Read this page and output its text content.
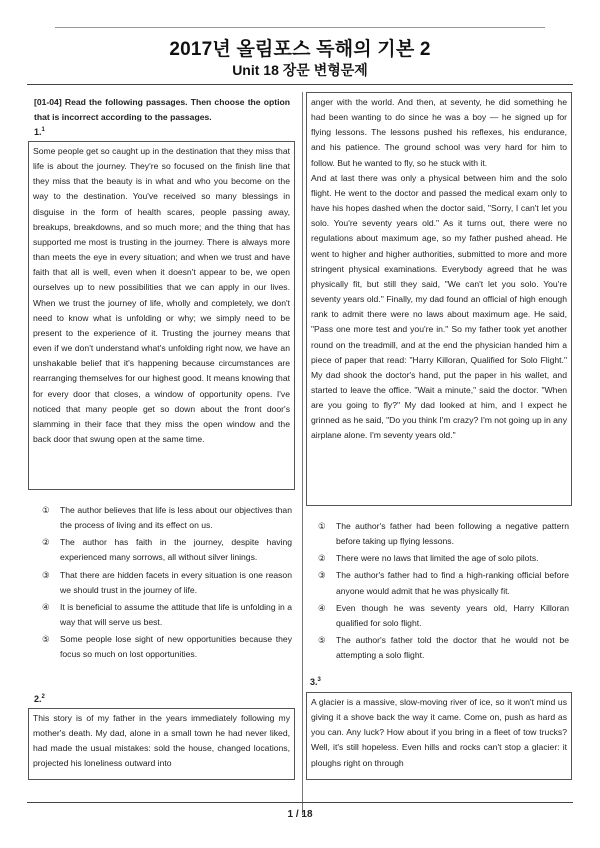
2017년 올림포스 독해의 기본 2
Unit 18 장문 변형문제
[01-04] Read the following passages. Then choose the option that is incorrect according to the passages.
1.$^1$

Some people get so caught up in the destination that they miss that life is about the journey. They're so focused on the finish line that they miss that the beauty is in what and who you become on the way to the destination. You've received so many blessings in disguise in the form of health scares, people passing away, breakups, breakdowns, and so much more; and the thing that has supported me most is trusting in the journey. There is always more than meets the eye in every situation; and when we trust and have faith that all is well, even when it doesn't appear to be, we open ourselves up to new possibilities that we can apply in our lives. When we trust the journey of life, wholly and completely, we don't need to know what is unfolding or why; we simply need to be present to the experience of it. Trusting the journey means that even if we don't understand what's unfolding right now, we have an unshakable belief that it's happening because circumstances are rearranging themselves for our highest good. It means knowing that for every door that closes, a window of opportunity opens. I've noticed that many people get so down about the front door's slamming in their face that they miss the open window and the back door that swung open at the same time.

①	The author believes that life is less about our objectives than the process of living and its effect on us.
②	The author has faith in the journey, despite having experienced many sorrows, all without silver linings.
③	That there are hidden facets in every situation is one reason we should trust in the journey of life.
④	It is beneficial to assume the attitude that life is unfolding in a way that will serve us best.
⑤	Some people lose sight of new opportunities because they focus so much on lost opportunities.
2.$^2$

This story is of my father in the years immediately following my mother's death. My dad, alone in a small town he had never liked, had made the usual mistakes: sold the house, changed locations, projected his loneliness outward into

anger with the world. And then, at seventy, he did something he had been wanting to do since he was a boy — he signed up for flying lessons. The lessons pushed his reflexes, his endurance, and his patience. The ground school was very hard for him to follow. But he wanted to fly, so he stuck with it.

And at last there was only a physical between him and the solo flight. He went to the doctor and passed the medical exam only to have his hopes dashed when the doctor said, "Sorry, I can't let you solo. You're seventy years old." As it turns out, there were no regulations about maximum age, so my father pushed ahead. He went to higher and higher authorities, submitted to more and more stringent physical examinations. Everybody agreed that he was physically fit, but still they said, "We can't let you solo. You're seventy years old." Finally, my dad found an official of high enough rank to admit there were no laws about maximum age. He said, "Pass one more test and you're in." So my father took yet another round on the treadmill, and at the end the physician handed him a piece of paper that read: "Harry Killoran, Qualified for Solo Flight." My dad shook the doctor's hand, put the paper in his wallet, and started to leave the office. "Wait a minute," said the doctor. "When are you going to fly?" My dad looked at him, and I expect he grinned as he said, "Do you think I'm crazy? I'm not going up in any airplane alone. I'm seventy years old."

①	The author's father had been following a negative pattern before taking up flying lessons.
②	There were no laws that limited the age of solo pilots.
③	The author's father had to find a high-ranking official before anyone would admit that he was physically fit.
④	Even though he was seventy years old, Harry Killoran qualified for solo flight.
⑤	The author's father told the doctor that he would not be attempting a solo flight.
3.$^3$

A glacier is a massive, slow-moving river of ice, so it won't mind us giving it a shove back the way it came. Come on, push as hard as you can. Any luck? How about if you bring in a fleet of tow trucks? Well, it's still hopeless. Even hills and rocks can't stop a glacier: it ploughs right on through

1 / 18
